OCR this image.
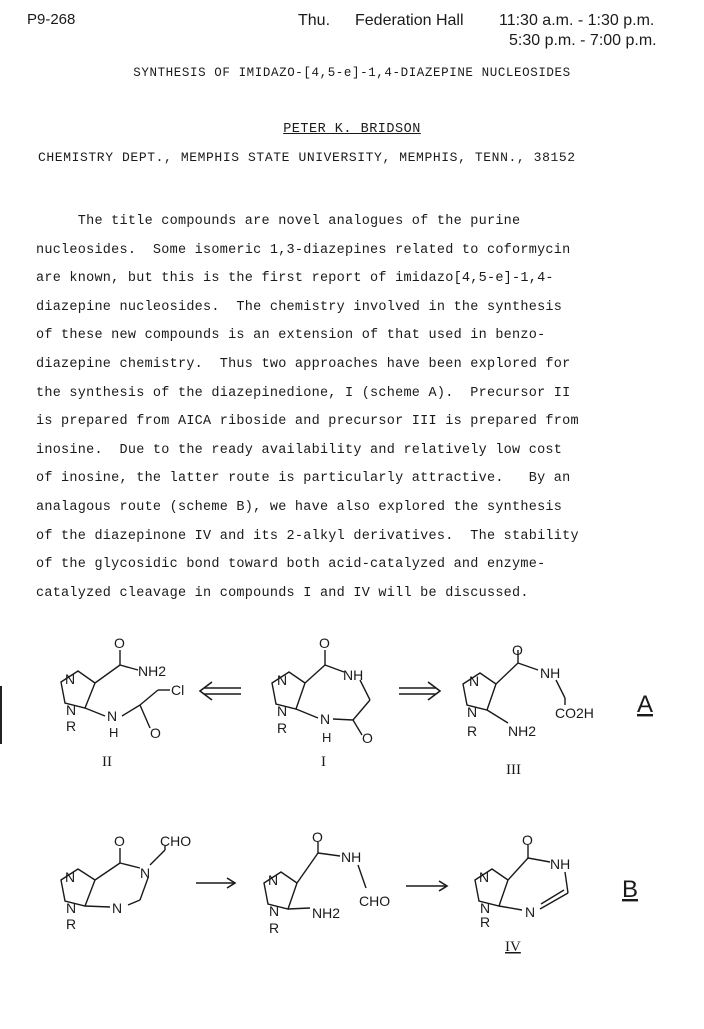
P9-268	Thu. Federation Hall 11:30 a.m. - 1:30 p.m.
5:30 p.m. - 7:00 p.m.
SYNTHESIS OF IMIDAZO-[4,5-e]-1,4-DIAZEPINE NUCLEOSIDES
PETER K. BRIDSON
CHEMISTRY DEPT., MEMPHIS STATE UNIVERSITY, MEMPHIS, TENN., 38152
The title compounds are novel analogues of the purine
nucleosides.  Some isomeric 1,3-diazepines related to coformycin
are known, but this is the first report of imidazo[4,5-e]-1,4-
diazepine nucleosides.  The chemistry involved in the synthesis
of these new compounds is an extension of that used in benzo-
diazepine chemistry.  Thus two approaches have been explored for
the synthesis of the diazepinedione, I (scheme A).  Precursor II
is prepared from AICA riboside and precursor III is prepared from
inosine.  Due to the ready availability and relatively low cost
of inosine, the latter route is particularly attractive.   By an
analagous route (scheme B), we have also explored the synthesis
of the diazepinone IV and its 2-alkyl derivatives.  The stability
of the glycosidic bond toward both acid-catalyzed and enzyme-
catalyzed cleavage in compounds I and IV will be discussed.
O
NH2
N
N
R
N
H O
Cl
II
O
NH
N
N
R
N
H O
I
O
NH
N
N
R NH2
CO2H
III
A
O	CHO
N
N
R
N
N
O
NH
N
N
R
NH2
CHO
O
NH
N
N
R
N
IV
B
